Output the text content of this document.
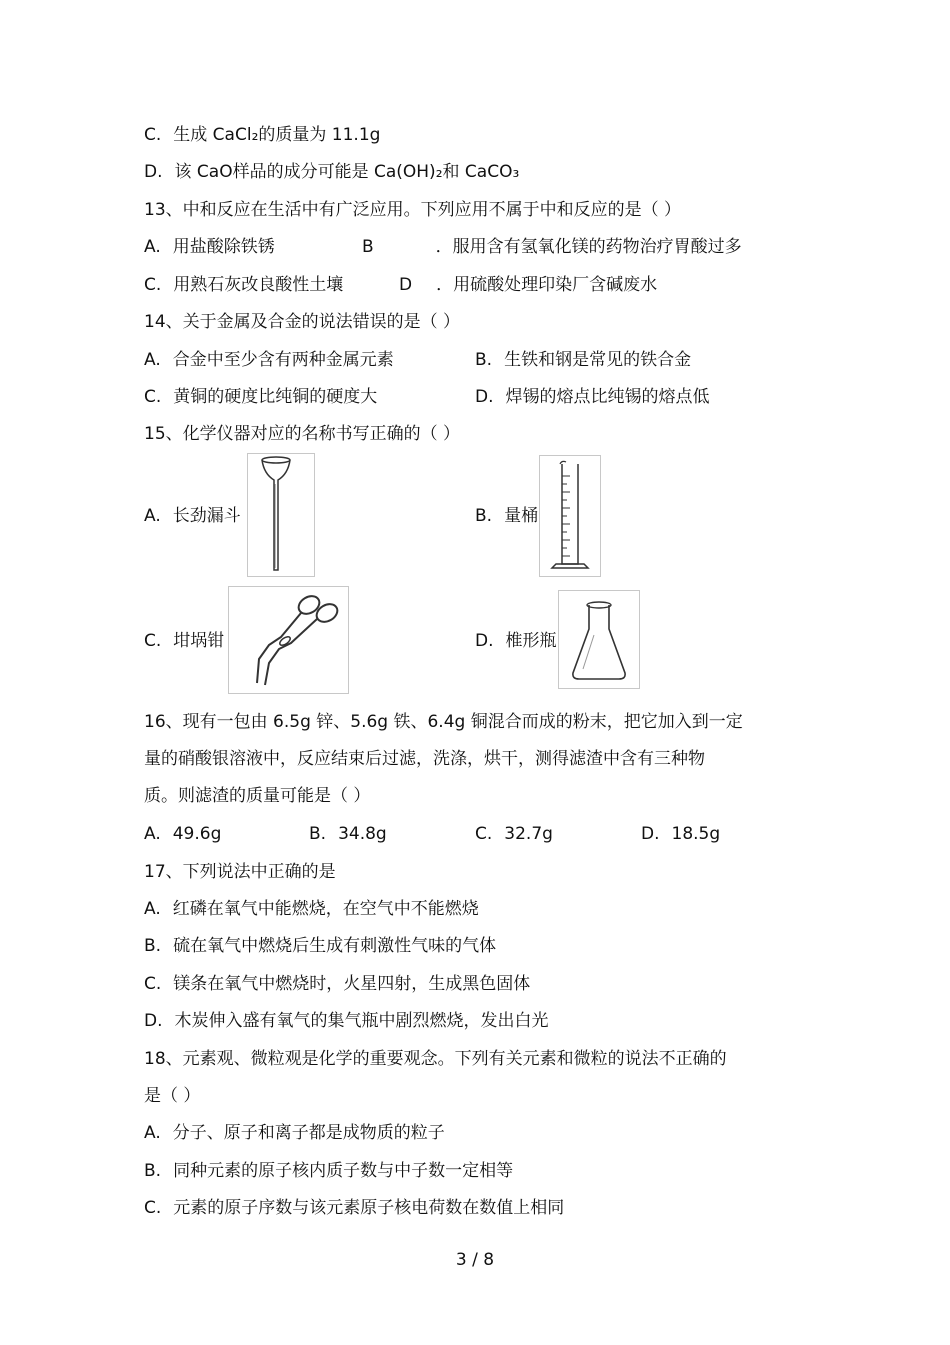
C. 生成 CaCl₂的质量为 11.1g
D. 该 CaO样品的成分可能是 Ca(OH)₂和 CaCO₃
13、中和反应在生活中有广泛应用。下列应用不属于中和反应的是（ ）
A. 用盐酸除铁锈	B	．服用含有氢氧化镁的药物治疗胃酸过多
C. 用熟石灰改良酸性土壤	D ．用硫酸处理印染厂含碱废水
14、关于金属及合金的说法错误的是（ ）
A. 合金中至少含有两种金属元素	B. 生铁和钢是常见的铁合金
C. 黄铜的硬度比纯铜的硬度大	D. 焊锡的熔点比纯锡的熔点低
15、化学仪器对应的名称书写正确的（ ）
A. 长劲漏斗	B. 量桶
C. 坩埚钳	D. 椎形瓶
16、现有一包由 6.5g 锌、5.6g 铁、6.4g 铜混合而成的粉末，把它加入到一定
量的硝酸银溶液中，反应结束后过滤，洗涤，烘干，测得滤渣中含有三种物
质。则滤渣的质量可能是（ ）
A. 49.6g	B. 34.8g	C. 32.7g	D. 18.5g
17、下列说法中正确的是
A. 红磷在氧气中能燃烧，在空气中不能燃烧
B. 硫在氧气中燃烧后生成有刺激性气味的气体
C. 镁条在氧气中燃烧时，火星四射，生成黑色固体
D. 木炭伸入盛有氧气的集气瓶中剧烈燃烧，发出白光
18、元素观、微粒观是化学的重要观念。下列有关元素和微粒的说法不正确的
是（ ）
A. 分子、原子和离子都是成物质的粒子
B. 同种元素的原子核内质子数与中子数一定相等
C. 元素的原子序数与该元素原子核电荷数在数值上相同
3 / 8
